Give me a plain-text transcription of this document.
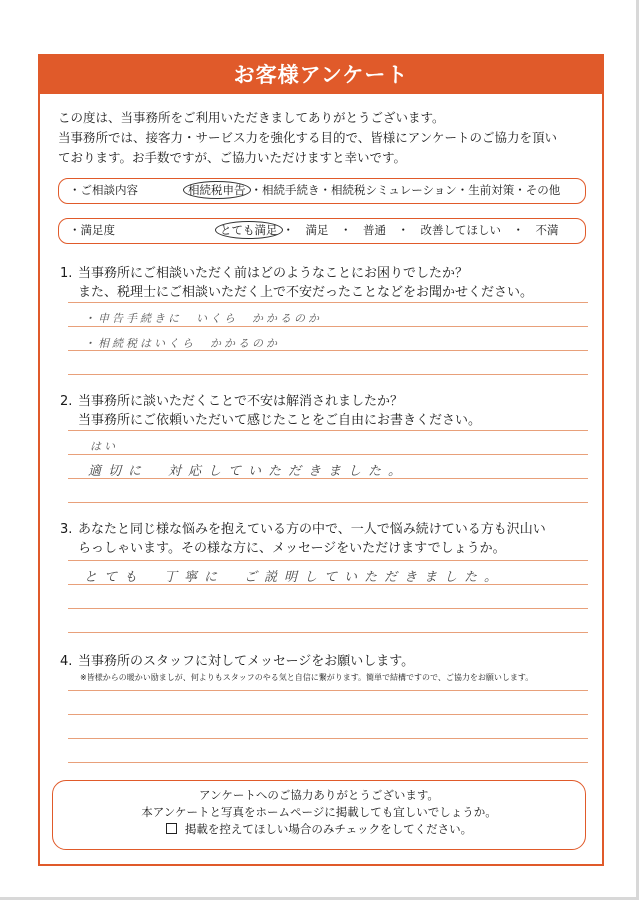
お客様アンケート

この度は、当事務所をご利用いただきましてありがとうございます。

当事務所では、接客力・サービス力を強化する目的で、皆様にアンケートのご協力を頂い

ております。お手数ですが、ご協力いただけますと幸いです。

・ご相談内容	相続税申告 ・相続手続き・相続税シミュレーション・生前対策・その他
・満足度	とても満足 ・　満足　・　普通　・　改善してほしい　・　不満

1. 当事務所にご相談いただく前はどのようなことにお困りでしたか？

また、税理士にご相談いただく上で不安だったことなどをお聞かせください。

・申告手続きに　いくら　かかるのか
・相続税はいくら　かかるのか

2. 当事務所に談いただくことで不安は解消されましたか？

当事務所にご依頼いただいて感じたことをご自由にお書きください。

はい
適切に　対応していただきました。

3. あなたと同じ様な悩みを抱えている方の中で、一人で悩み続けている方も沢山い

らっしゃいます。その様な方に、メッセージをいただけますでしょうか。

とても　丁寧に　ご説明していただきました。

4. 当事務所のスタッフに対してメッセージをお願いします。

※皆様からの暖かい励ましが、何よりもスタッフのやる気と自信に繋がります。簡単で結構ですので、ご協力をお願いします。

アンケートへのご協力ありがとうございます。

本アンケートと写真をホームページに掲載しても宜しいでしょうか。

掲載を控えてほしい場合のみチェックをしてください。
